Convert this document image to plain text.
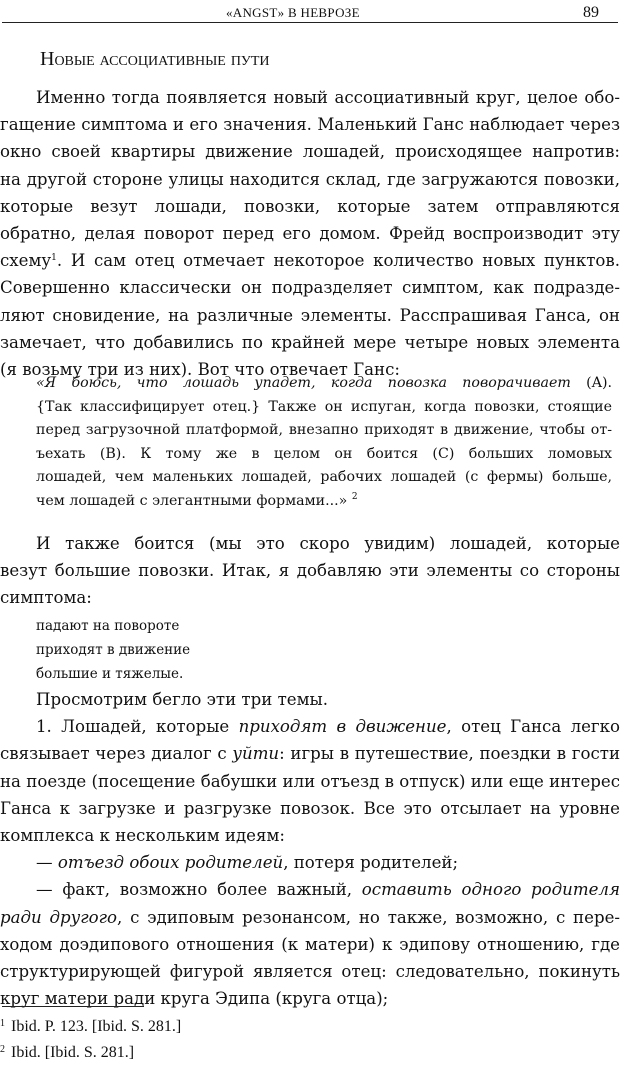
«ANGST» В НЕВРОЗЕ	89
Новые ассоциативные пути
Именно тогда появляется новый ассоциативный круг, целое обо-
гащение симптома и его значения. Маленький Ганс наблюдает через
окно своей квартиры движение лошадей, происходящее напротив:
на другой стороне улицы находится склад, где загружаются повозки,
которые везут лошади, повозки, которые затем отправляются
обратно, делая поворот перед его домом. Фрейд воспроизводит эту
схему$^1$. И сам отец отмечает некоторое количество новых пунктов.
Совершенно классически он подразделяет симптом, как подразде-
ляют сновидение, на различные элементы. Расспрашивая Ганса, он
замечает, что добавились по крайней мере четыре новых элемента
(я возьму три из них). Вот что отвечает Ганс:
«Я боюсь, что лошадь упадет, когда повозка поворачивает (A).
{Так классифицирует отец.} Также он испуган, когда повозки, стоящие
перед загрузочной платформой, внезапно приходят в движение, чтобы от-
ъехать (B). К тому же в целом он боится (C) больших ломовых
лошадей, чем маленьких лошадей, рабочих лошадей (с фермы) больше,
чем лошадей с элегантными формами...» $^2$
И также боится (мы это скоро увидим) лошадей, которые
везут большие повозки. Итак, я добавляю эти элементы со стороны
симптома:
падают на повороте
приходят в движение
большие и тяжелые.
Просмотрим бегло эти три темы.
1. Лошадей, которые приходят в движение, отец Ганса легко
связывает через диалог с уйти: игры в путешествие, поездки в гости
на поезде (посещение бабушки или отъезд в отпуск) или еще интерес
Ганса к загрузке и разгрузке повозок. Все это отсылает на уровне
комплекса к нескольким идеям:
— отъезд обоих родителей, потеря родителей;
— факт, возможно более важный, оставить одного родителя
ради другого, с эдиповым резонансом, но также, возможно, с пере-
ходом доэдипового отношения (к матери) к эдипову отношению, где
структурирующей фигурой является отец: следовательно, покинуть
круг матери ради круга Эдипа (круга отца);
$^1$ Ibid. P. 123. [Ibid. S. 281.]
$^2$ Ibid. [Ibid. S. 281.]
